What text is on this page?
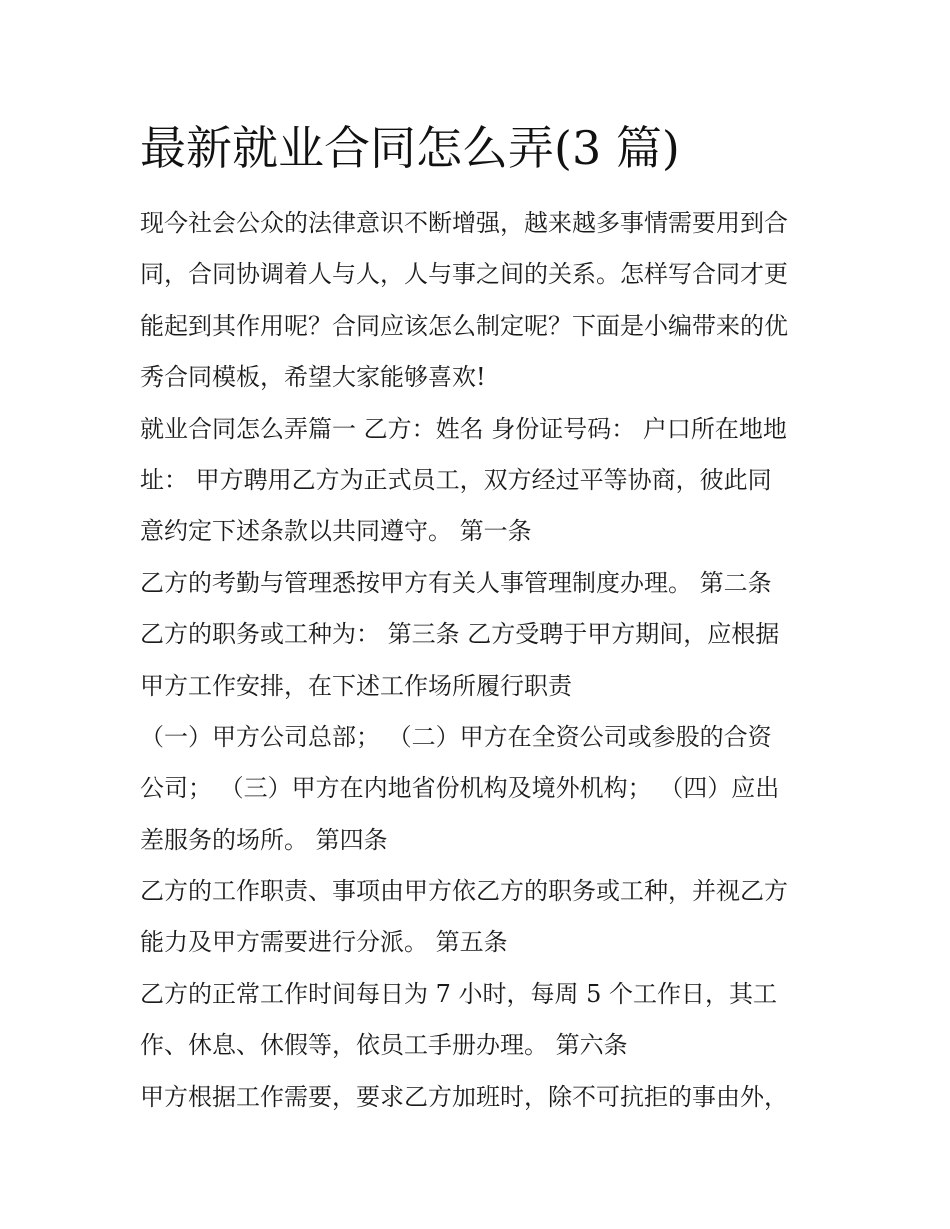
最新就业合同怎么弄(3 篇)
现今社会公众的法律意识不断增强，越来越多事情需要用到合
同，合同协调着人与人，人与事之间的关系。怎样写合同才更
能起到其作用呢？合同应该怎么制定呢？下面是小编带来的优
秀合同模板，希望大家能够喜欢!
就业合同怎么弄篇一 乙方：姓名 身份证号码： 户口所在地地
址： 甲方聘用乙方为正式员工，双方经过平等协商，彼此同
意约定下述条款以共同遵守。 第一条
乙方的考勤与管理悉按甲方有关人事管理制度办理。 第二条
乙方的职务或工种为： 第三条 乙方受聘于甲方期间，应根据
甲方工作安排，在下述工作场所履行职责
（一）甲方公司总部； （二）甲方在全资公司或参股的合资
公司； （三）甲方在内地省份机构及境外机构； （四）应出
差服务的场所。 第四条
乙方的工作职责、事项由甲方依乙方的职务或工种，并视乙方
能力及甲方需要进行分派。 第五条
乙方的正常工作时间每日为 7 小时，每周 5 个工作日，其工
作、休息、休假等，依员工手册办理。 第六条
甲方根据工作需要，要求乙方加班时，除不可抗拒的事由外，
